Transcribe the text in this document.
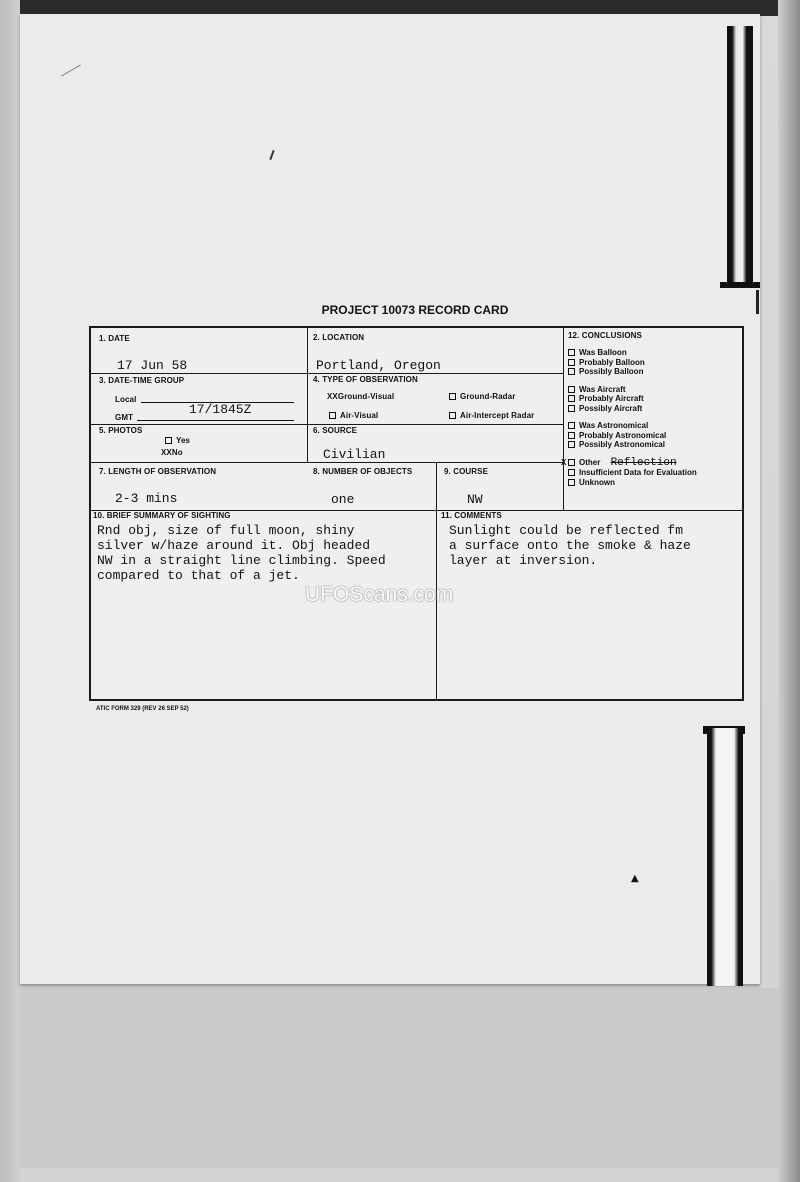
▲
PROJECT 10073 RECORD CARD
1. DATE
17 Jun 58
2. LOCATION
Portland, Oregon
3. DATE-TIME GROUP
Local
GMT
17/1845Z
4. TYPE OF OBSERVATION
XXGround-Visual	Ground-Radar
Air-Visual	Air-Intercept Radar
5. PHOTOS
Yes
XXNo
6. SOURCE
Civilian
7. LENGTH OF OBSERVATION
2-3 mins
8. NUMBER OF OBJECTS
one
9. COURSE
NW
10. BRIEF SUMMARY OF SIGHTING
Rnd obj, size of full moon, shiny
silver w/haze around it. Obj headed
NW in a straight line climbing. Speed
compared to that of a jet.
11. COMMENTS
Sunlight could be reflected fm
a surface onto the smoke & haze
layer at inversion.
12. CONCLUSIONS
Was Balloon
Probably Balloon
Possibly Balloon
Was Aircraft
Probably Aircraft
Possibly Aircraft
Was Astronomical
Probably Astronomical
Possibly Astronomical
X Other Reflection
Insufficient Data for Evaluation
Unknown
ATIC FORM 329 (REV 26 SEP 52)
UFOScans.com
